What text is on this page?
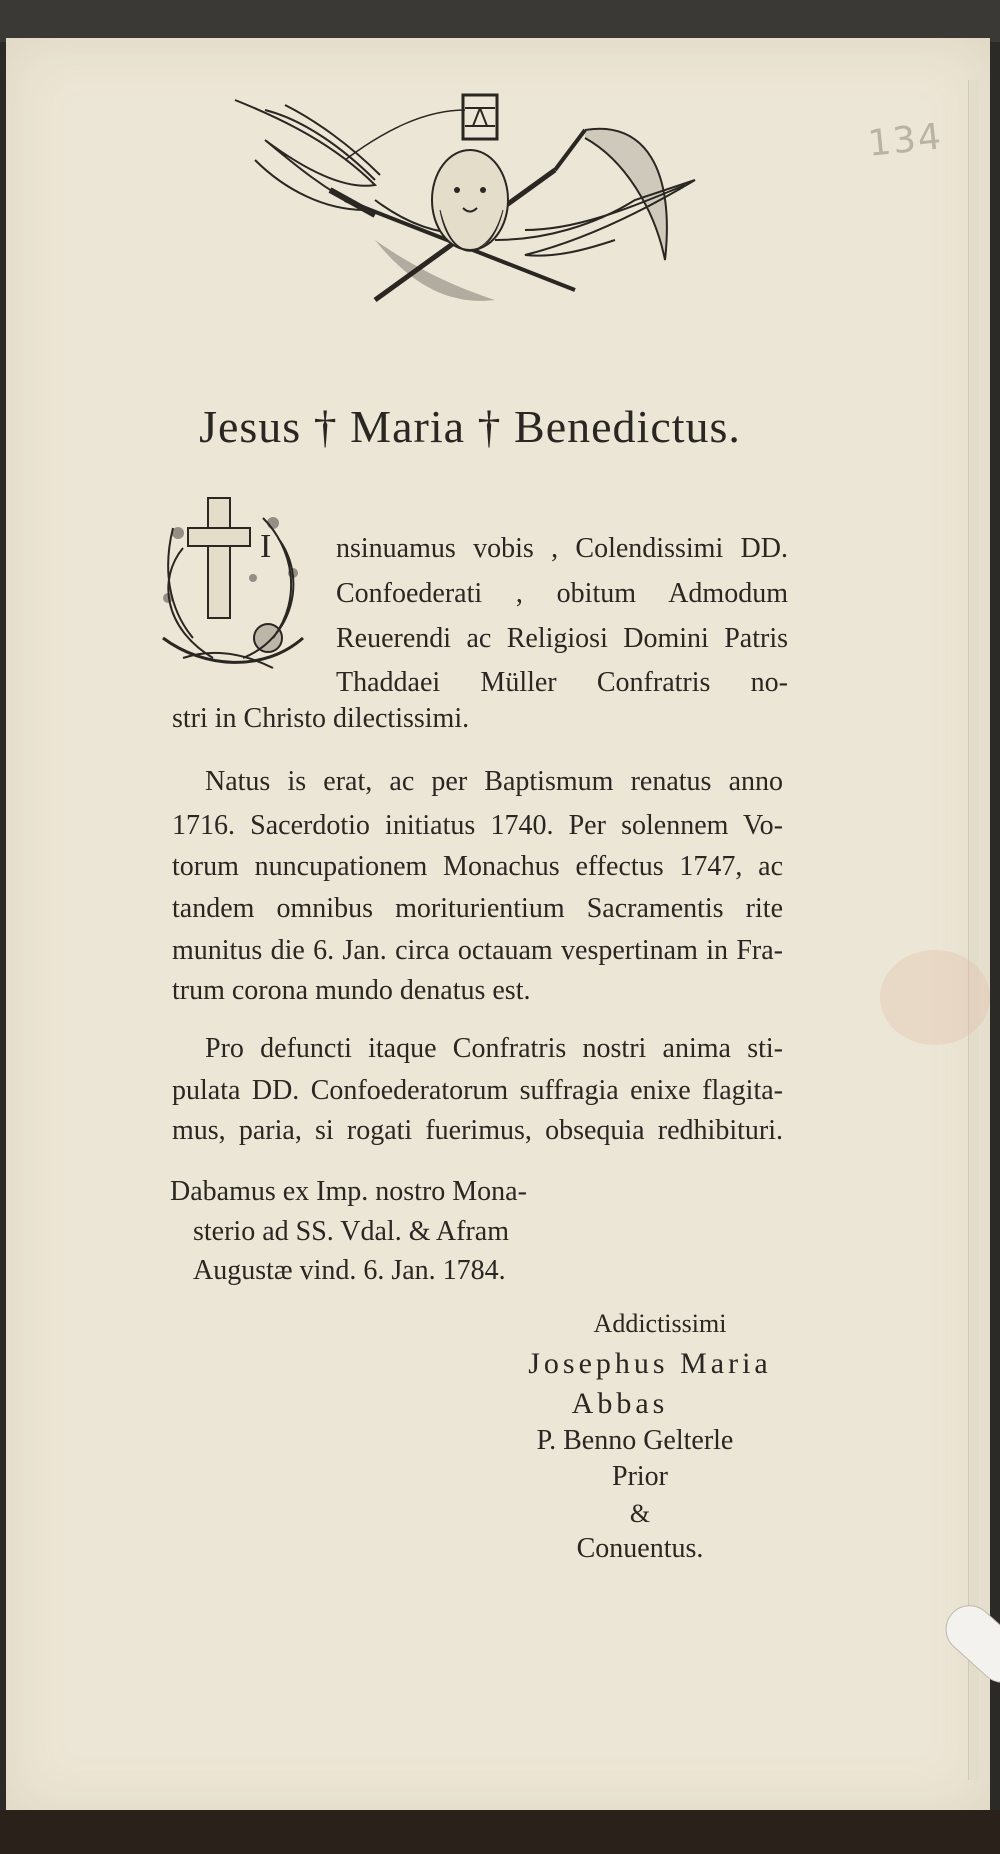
134
Jesus † Maria † Benedictus.
I nsinuamus vobis , Colendissimi DD.
Confoederati , obitum Admodum
Reuerendi ac Religiosi Domini Patris
Thaddaei Müller Confratris no-
stri in Christo dilectissimi.
Natus is erat, ac per Baptismum renatus anno
1716. Sacerdotio initiatus 1740. Per solennem Vo-
torum nuncupationem Monachus effectus 1747, ac
tandem omnibus moriturientium Sacramentis rite
munitus die 6. Jan. circa octauam vespertinam in Fra-
trum corona mundo denatus est.
Pro defuncti itaque Confratris nostri anima sti-
pulata DD. Confoederatorum suffragia enixe flagita-
mus, paria, si rogati fuerimus, obsequia redhibituri.
Dabamus ex Imp. nostro Mona-
sterio ad SS. Vdal. & Afram
Augustæ vind. 6. Jan. 1784.
Addictissimi
Josephus Maria
Abbas
P. Benno Gelterle
Prior
&
Conuentus.
